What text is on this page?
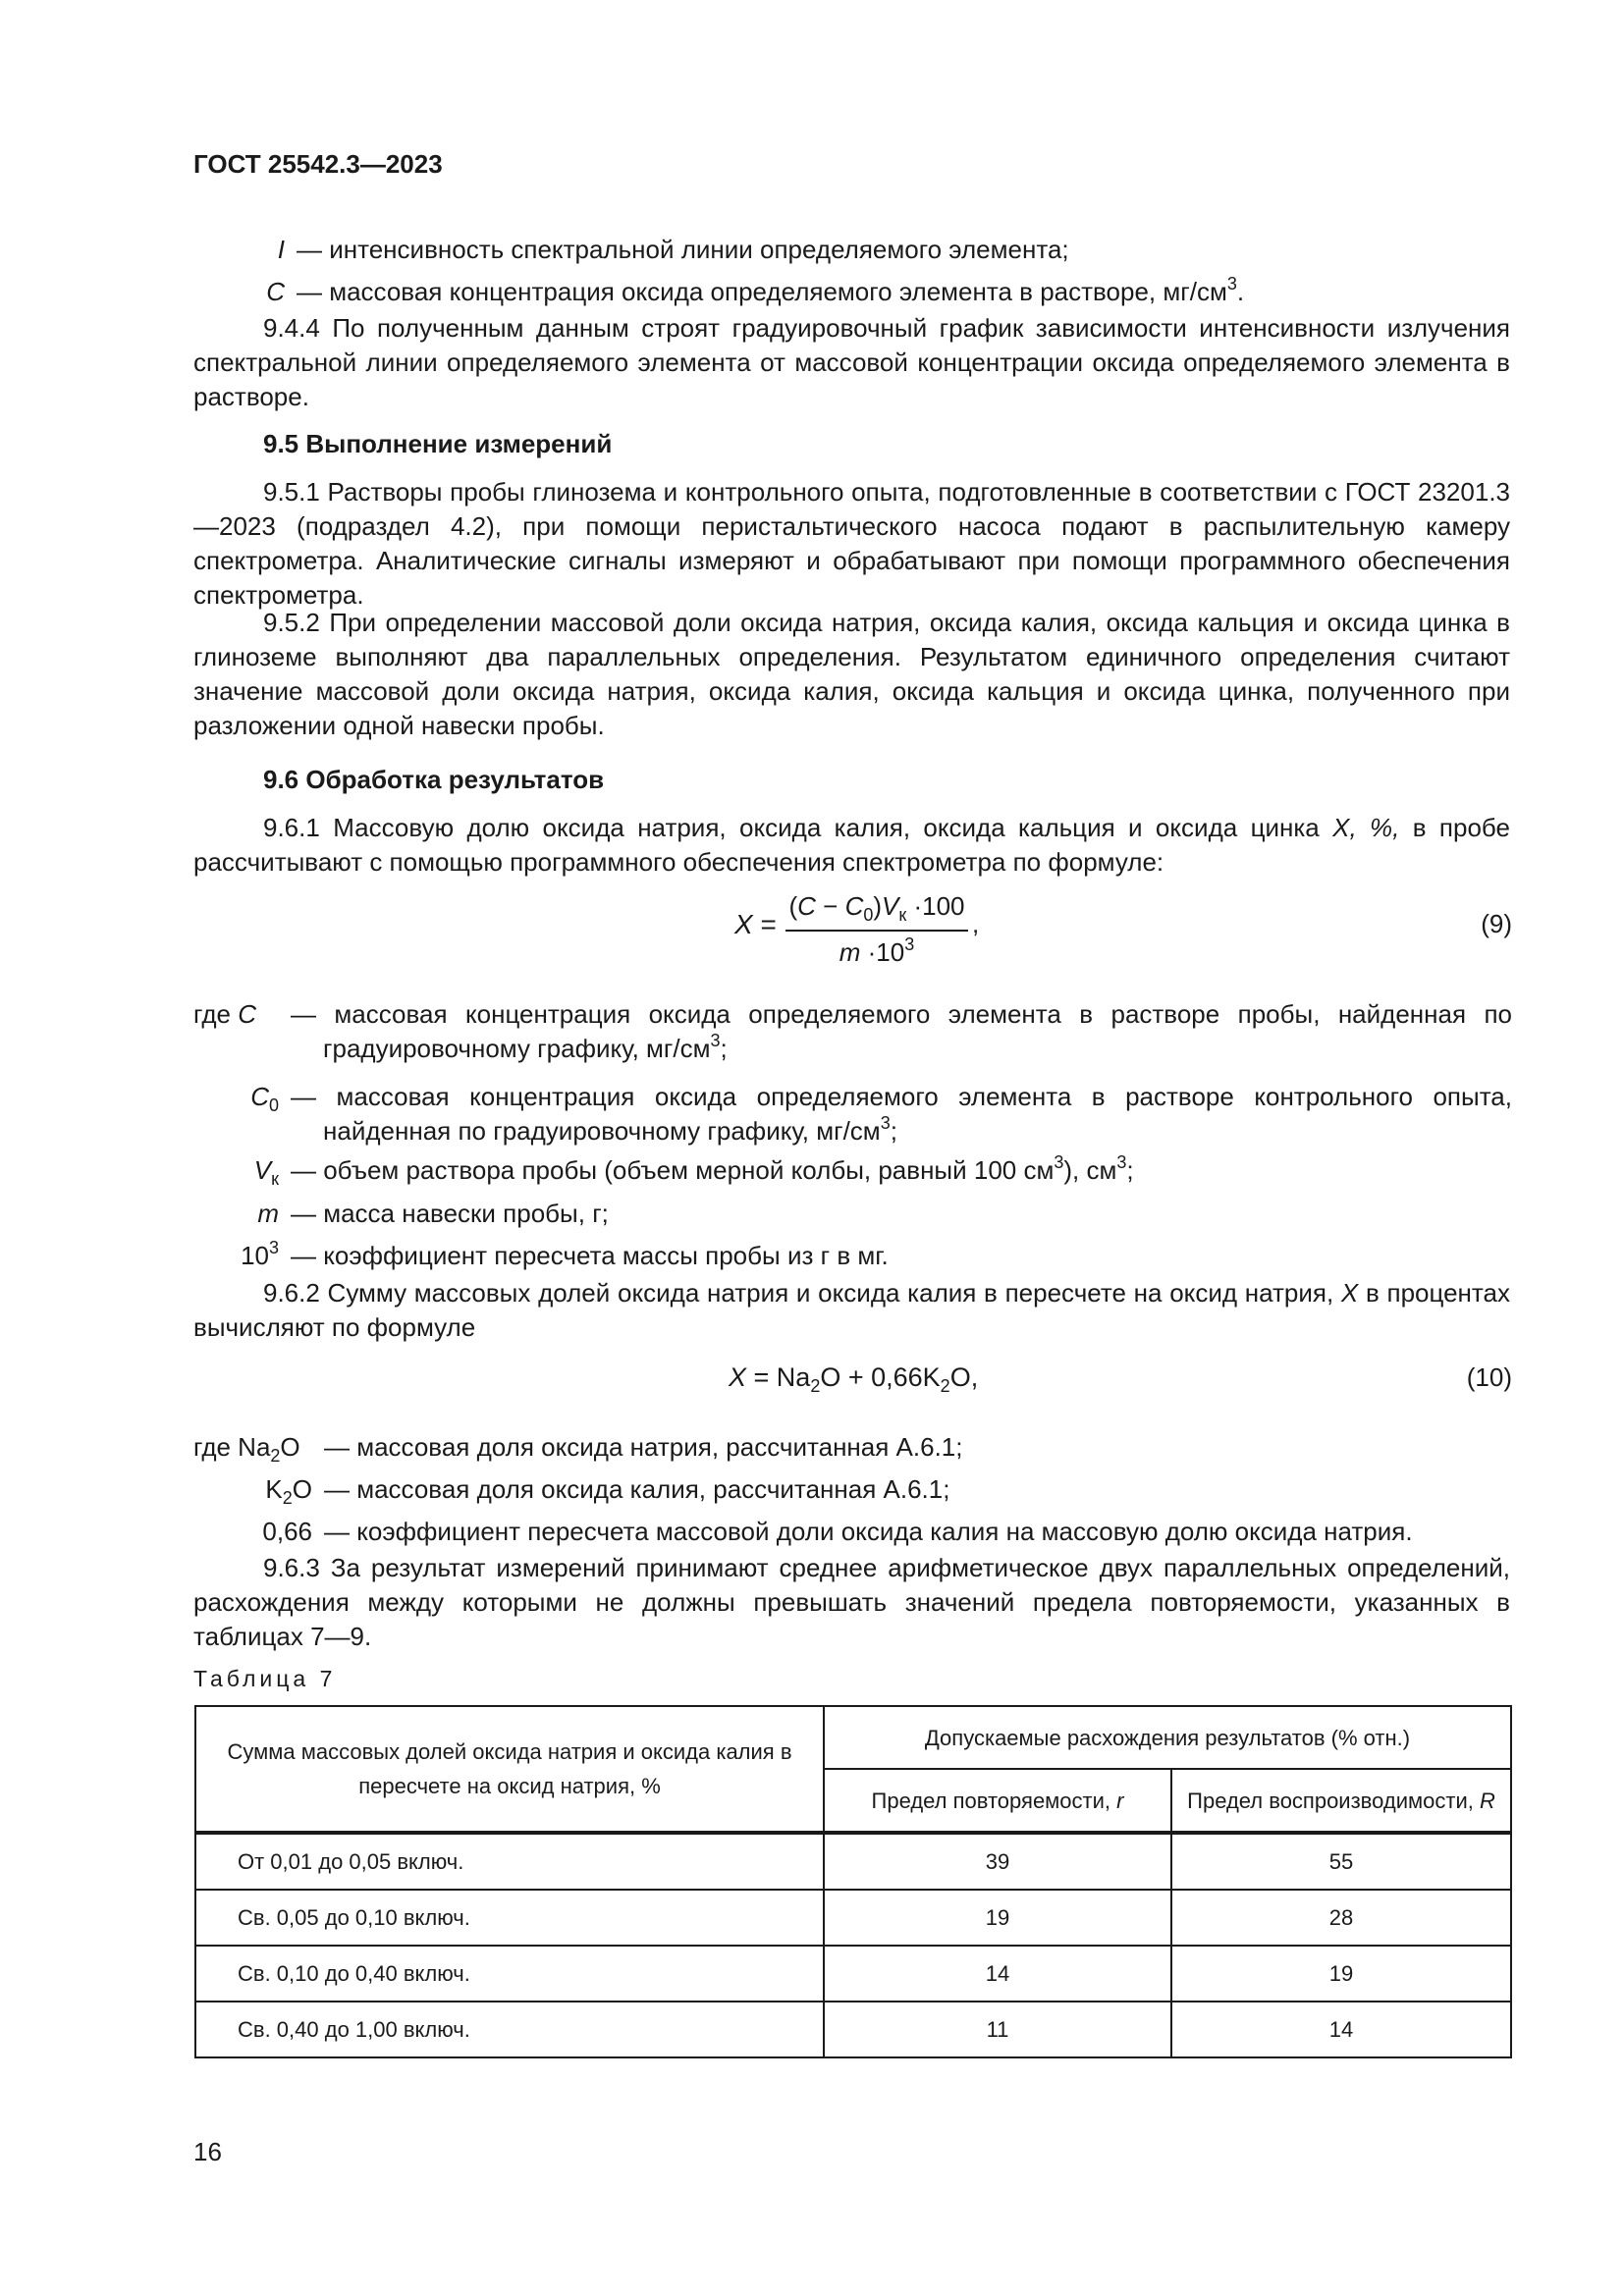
ГОСТ 25542.3—2023
I — интенсивность спектральной линии определяемого элемента;
C — массовая концентрация оксида определяемого элемента в растворе, $мг/см^3$.
9.4.4 По полученным данным строят градуировочный график зависимости интенсивности излучения спектральной линии определяемого элемента от массовой концентрации оксида определяемого элемента в растворе.
9.5 Выполнение измерений
9.5.1 Растворы пробы глинозема и контрольного опыта, подготовленные в соответствии с ГОСТ 23201.3—2023 (подраздел 4.2), при помощи перистальтического насоса подают в распылительную камеру спектрометра. Аналитические сигналы измеряют и обрабатывают при помощи программного обеспечения спектрометра.
9.5.2 При определении массовой доли оксида натрия, оксида калия, оксида кальция и оксида цинка в глиноземе выполняют два параллельных определения. Результатом единичного определения считают значение массовой доли оксида натрия, оксида калия, оксида кальция и оксида цинка, полученного при разложении одной навески пробы.
9.6 Обработка результатов
9.6.1 Массовую долю оксида натрия, оксида калия, оксида кальция и оксида цинка X, %, в пробе рассчитывают с помощью программного обеспечения спектрометра по формуле:
X =
$(C - C_0)V_к \cdot 100$
$m \cdot 10^3$
,	(9)
где C — массовая концентрация оксида определяемого элемента в растворе пробы, найденная по градуировочному графику, $мг/см^3$;
$C_0$ — массовая концентрация оксида определяемого элемента в растворе контрольного опыта, найденная по градуировочному графику, $мг/см^3$;
$V_к$ — объем раствора пробы (объем мерной колбы, равный 100 $см^3$), $см^3$;
m — масса навески пробы, г;
$10^3$ — коэффициент пересчета массы пробы из г в мг.
9.6.2 Сумму массовых долей оксида натрия и оксида калия в пересчете на оксид натрия, X в процентах вычисляют по формуле
$X = Na_2O + 0,66K_2O$,	(10)
где $Na_2O$ — массовая доля оксида натрия, рассчитанная А.6.1;
$K_2O$ — массовая доля оксида калия, рассчитанная А.6.1;
0,66 — коэффициент пересчета массовой доли оксида калия на массовую долю оксида натрия.
9.6.3 За результат измерений принимают среднее арифметическое двух параллельных определений, расхождения между которыми не должны превышать значений предела повторяемости, указанных в таблицах 7—9.
Таблица 7
Сумма массовых долей оксида натрия и оксида калия в пересчете на оксид натрия, %	Допускаемые расхождения результатов (% отн.)	
	Предел повторяемости, r	Предел воспроизводимости, R
От 0,01 до 0,05 включ.	39	55
Св. 0,05 до 0,10 включ.	19	28
Св. 0,10 до 0,40 включ.	14	19
Св. 0,40 до 1,00 включ.	11	14
16
